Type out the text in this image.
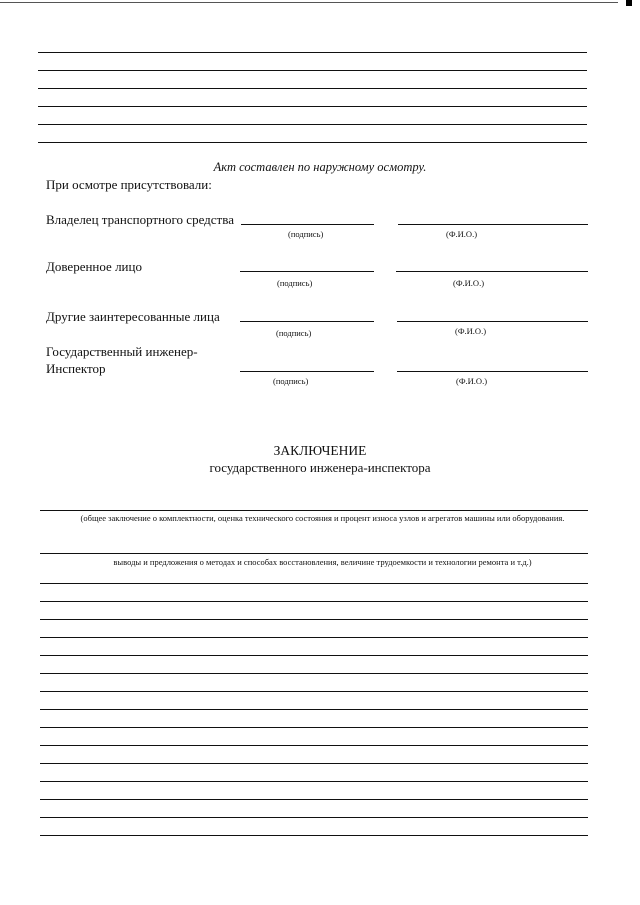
Акт составлен по наружному осмотру.
При осмотре присутствовали:
Владелец транспортного средства
(подпись)	(Ф.И.О.)
Доверенное лицо
(подпись)	(Ф.И.О.)
Другие заинтересованные лица
(подпись)	(Ф.И.О.)
Государственный инженер-Инспектор
(подпись)	(Ф.И.О.)
ЗАКЛЮЧЕНИЕ
государственного инженера-инспектора
(общее заключение о комплектности, оценка технического состояния и процент износа узлов и агрегатов машины или оборудования.
выводы и предложения о методах и способах восстановления, величине трудоемкости и технологии ремонта и т.д.)
